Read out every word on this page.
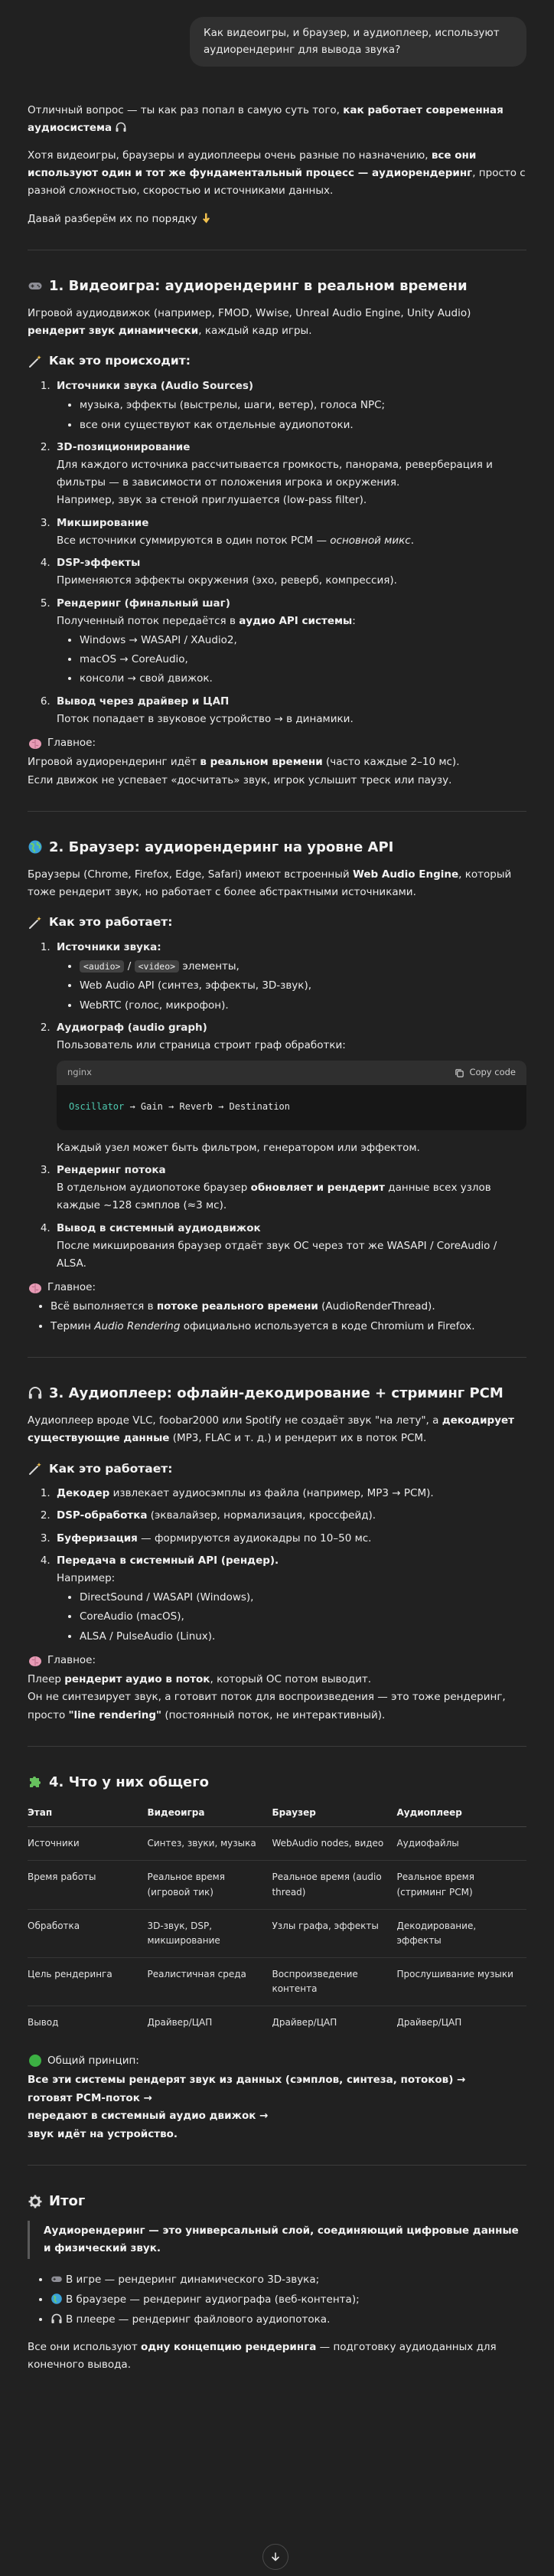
Как видеоигры, и браузер, и аудиоплеер, используют аудиорендеринг для вывода звука?

Отличный вопрос — ты как раз попал в самую суть того, как работает современная аудиосистема

Хотя видеоигры, браузеры и аудиоплееры очень разные по назначению, все они используют один и тот же фундаментальный процесс — аудиорендеринг, просто с разной сложностью, скоростью и источниками данных.

Давай разберём их по порядку

1. Видеоигра: аудиорендеринг в реальном времени

Игровой аудиодвижок (например, FMOD, Wwise, Unreal Audio Engine, Unity Audio) рендерит звук динамически, каждый кадр игры.

Как это происходит:
1. Источники звука (Audio Sources)
• музыка, эффекты (выстрелы, шаги, ветер), голоса NPC;
• все они существуют как отдельные аудиопотоки.
2. 3D-позиционирование
Для каждого источника рассчитывается громкость, панорама, реверберация и фильтры — в зависимости от положения игрока и окружения.
Например, звук за стеной приглушается (low-pass filter).
3. Микширование
Все источники суммируются в один поток PCM — основной микс.
4. DSP-эффекты
Применяются эффекты окружения (эхо, реверб, компрессия).
5. Рендеринг (финальный шаг)
Полученный поток передаётся в аудио API системы:
• Windows → WASAPI / XAudio2,
• macOS → CoreAudio,
• консоли → свой движок.
6. Вывод через драйвер и ЦАП
Поток попадает в звуковое устройство → в динамики.
Главное:

Игровой аудиорендеринг идёт в реальном времени (часто каждые 2–10 мс).
Если движок не успевает «досчитать» звук, игрок услышит треск или паузу.

2. Браузер: аудиорендеринг на уровне API

Браузеры (Chrome, Firefox, Edge, Safari) имеют встроенный Web Audio Engine, который тоже рендерит звук, но работает с более абстрактными источниками.

Как это работает:
1. Источники звука:
• <audio> / <video> элементы,
• Web Audio API (синтез, эффекты, 3D-звук),
• WebRTC (голос, микрофон).
2. Аудиограф (audio graph)
Пользователь или страница строит граф обработки:
nginx	Copy code
Oscillator → Gain → Reverb → Destination
Каждый узел может быть фильтром, генератором или эффектом.
3. Рендеринг потока
В отдельном аудиопотоке браузер обновляет и рендерит данные всех узлов каждые ~128 сэмплов (≈3 мс).
4. Вывод в системный аудиодвижок
После микширования браузер отдаёт звук ОС через тот же WASAPI / CoreAudio / ALSA.
Главное:
• Всё выполняется в потоке реального времени (AudioRenderThread).
• Термин Audio Rendering официально используется в коде Chromium и Firefox.
3. Аудиоплеер: офлайн-декодирование + стриминг PCM

Аудиоплеер вроде VLC, foobar2000 или Spotify не создаёт звук "на лету", а декодирует существующие данные (MP3, FLAC и т. д.) и рендерит их в поток PCM.

Как это работает:
1. Декодер извлекает аудиосэмплы из файла (например, MP3 → PCM).
2. DSP-обработка (эквалайзер, нормализация, кроссфейд).
3. Буферизация — формируются аудиокадры по 10–50 мс.
4. Передача в системный API (рендер).
Например:
• DirectSound / WASAPI (Windows),
• CoreAudio (macOS),
• ALSA / PulseAudio (Linux).
Главное:

Плеер рендерит аудио в поток, который ОС потом выводит.
Он не синтезирует звук, а готовит поток для воспроизведения — это тоже рендеринг, просто "line rendering" (постоянный поток, не интерактивный).

4. Что у них общего
Этап	Видеоигра	Браузер	Аудиоплеер
Источники	Синтез, звуки, музыка	WebAudio nodes, видео	Аудиофайлы
Время работы	Реальное время (игровой тик)	Реальное время (audio thread)	Реальное время (стриминг PCM)
Обработка	3D-звук, DSP, микширование	Узлы графа, эффекты	Декодирование, эффекты
Цель рендеринга	Реалистичная среда	Воспроизведение контента	Прослушивание музыки
Вывод	Драйвер/ЦАП	Драйвер/ЦАП	Драйвер/ЦАП
Общий принцип:

Все эти системы рендерят звук из данных (сэмплов, синтеза, потоков) →
готовят PCM-поток →
передают в системный аудио движок →
звук идёт на устройство.

Итог
Аудиорендеринг — это универсальный слой, соединяющий цифровые данные и физический звук.
• В игре — рендеринг динамического 3D-звука;
• В браузере — рендеринг аудиографа (веб-контента);
• В плеере — рендеринг файлового аудиопотока.

Все они используют одну концепцию рендеринга — подготовку аудиоданных для конечного вывода.
